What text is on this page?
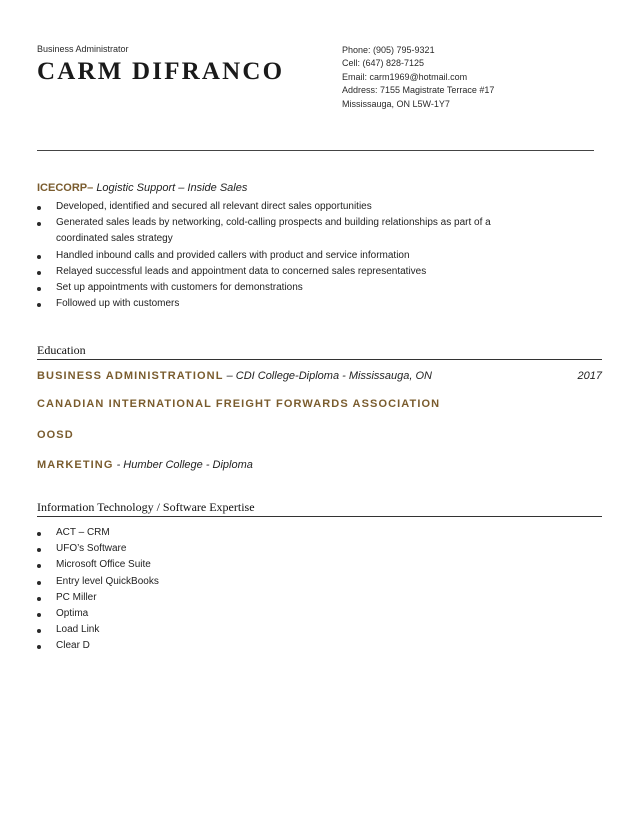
Business Administrator
CARM DIFRANCO
Phone: (905) 795-9321
Cell: (647) 828-7125
Email: carm1969@hotmail.com
Address: 7155 Magistrate Terrace #17
Mississauga, ON L5W-1Y7
ICECORP– Logistic Support – Inside Sales
Developed, identified and secured all relevant direct sales opportunities
Generated sales leads by networking, cold-calling prospects and building relationships as part of a coordinated sales strategy
Handled inbound calls and provided callers with product and service information
Relayed successful leads and appointment data to concerned sales representatives
Set up appointments with customers for demonstrations
Followed up with customers
Education
BUSINESS ADMINISTRATIONL – CDI College-Diploma - Mississauga, ON	2017
CANADIAN INTERNATIONAL FREIGHT FORWARDS ASSOCIATION
OOSD
MARKETING - Humber College - Diploma
Information Technology / Software Expertise
ACT – CRM
UFO’s Software
Microsoft Office Suite
Entry level QuickBooks
PC Miller
Optima
Load Link
Clear D
